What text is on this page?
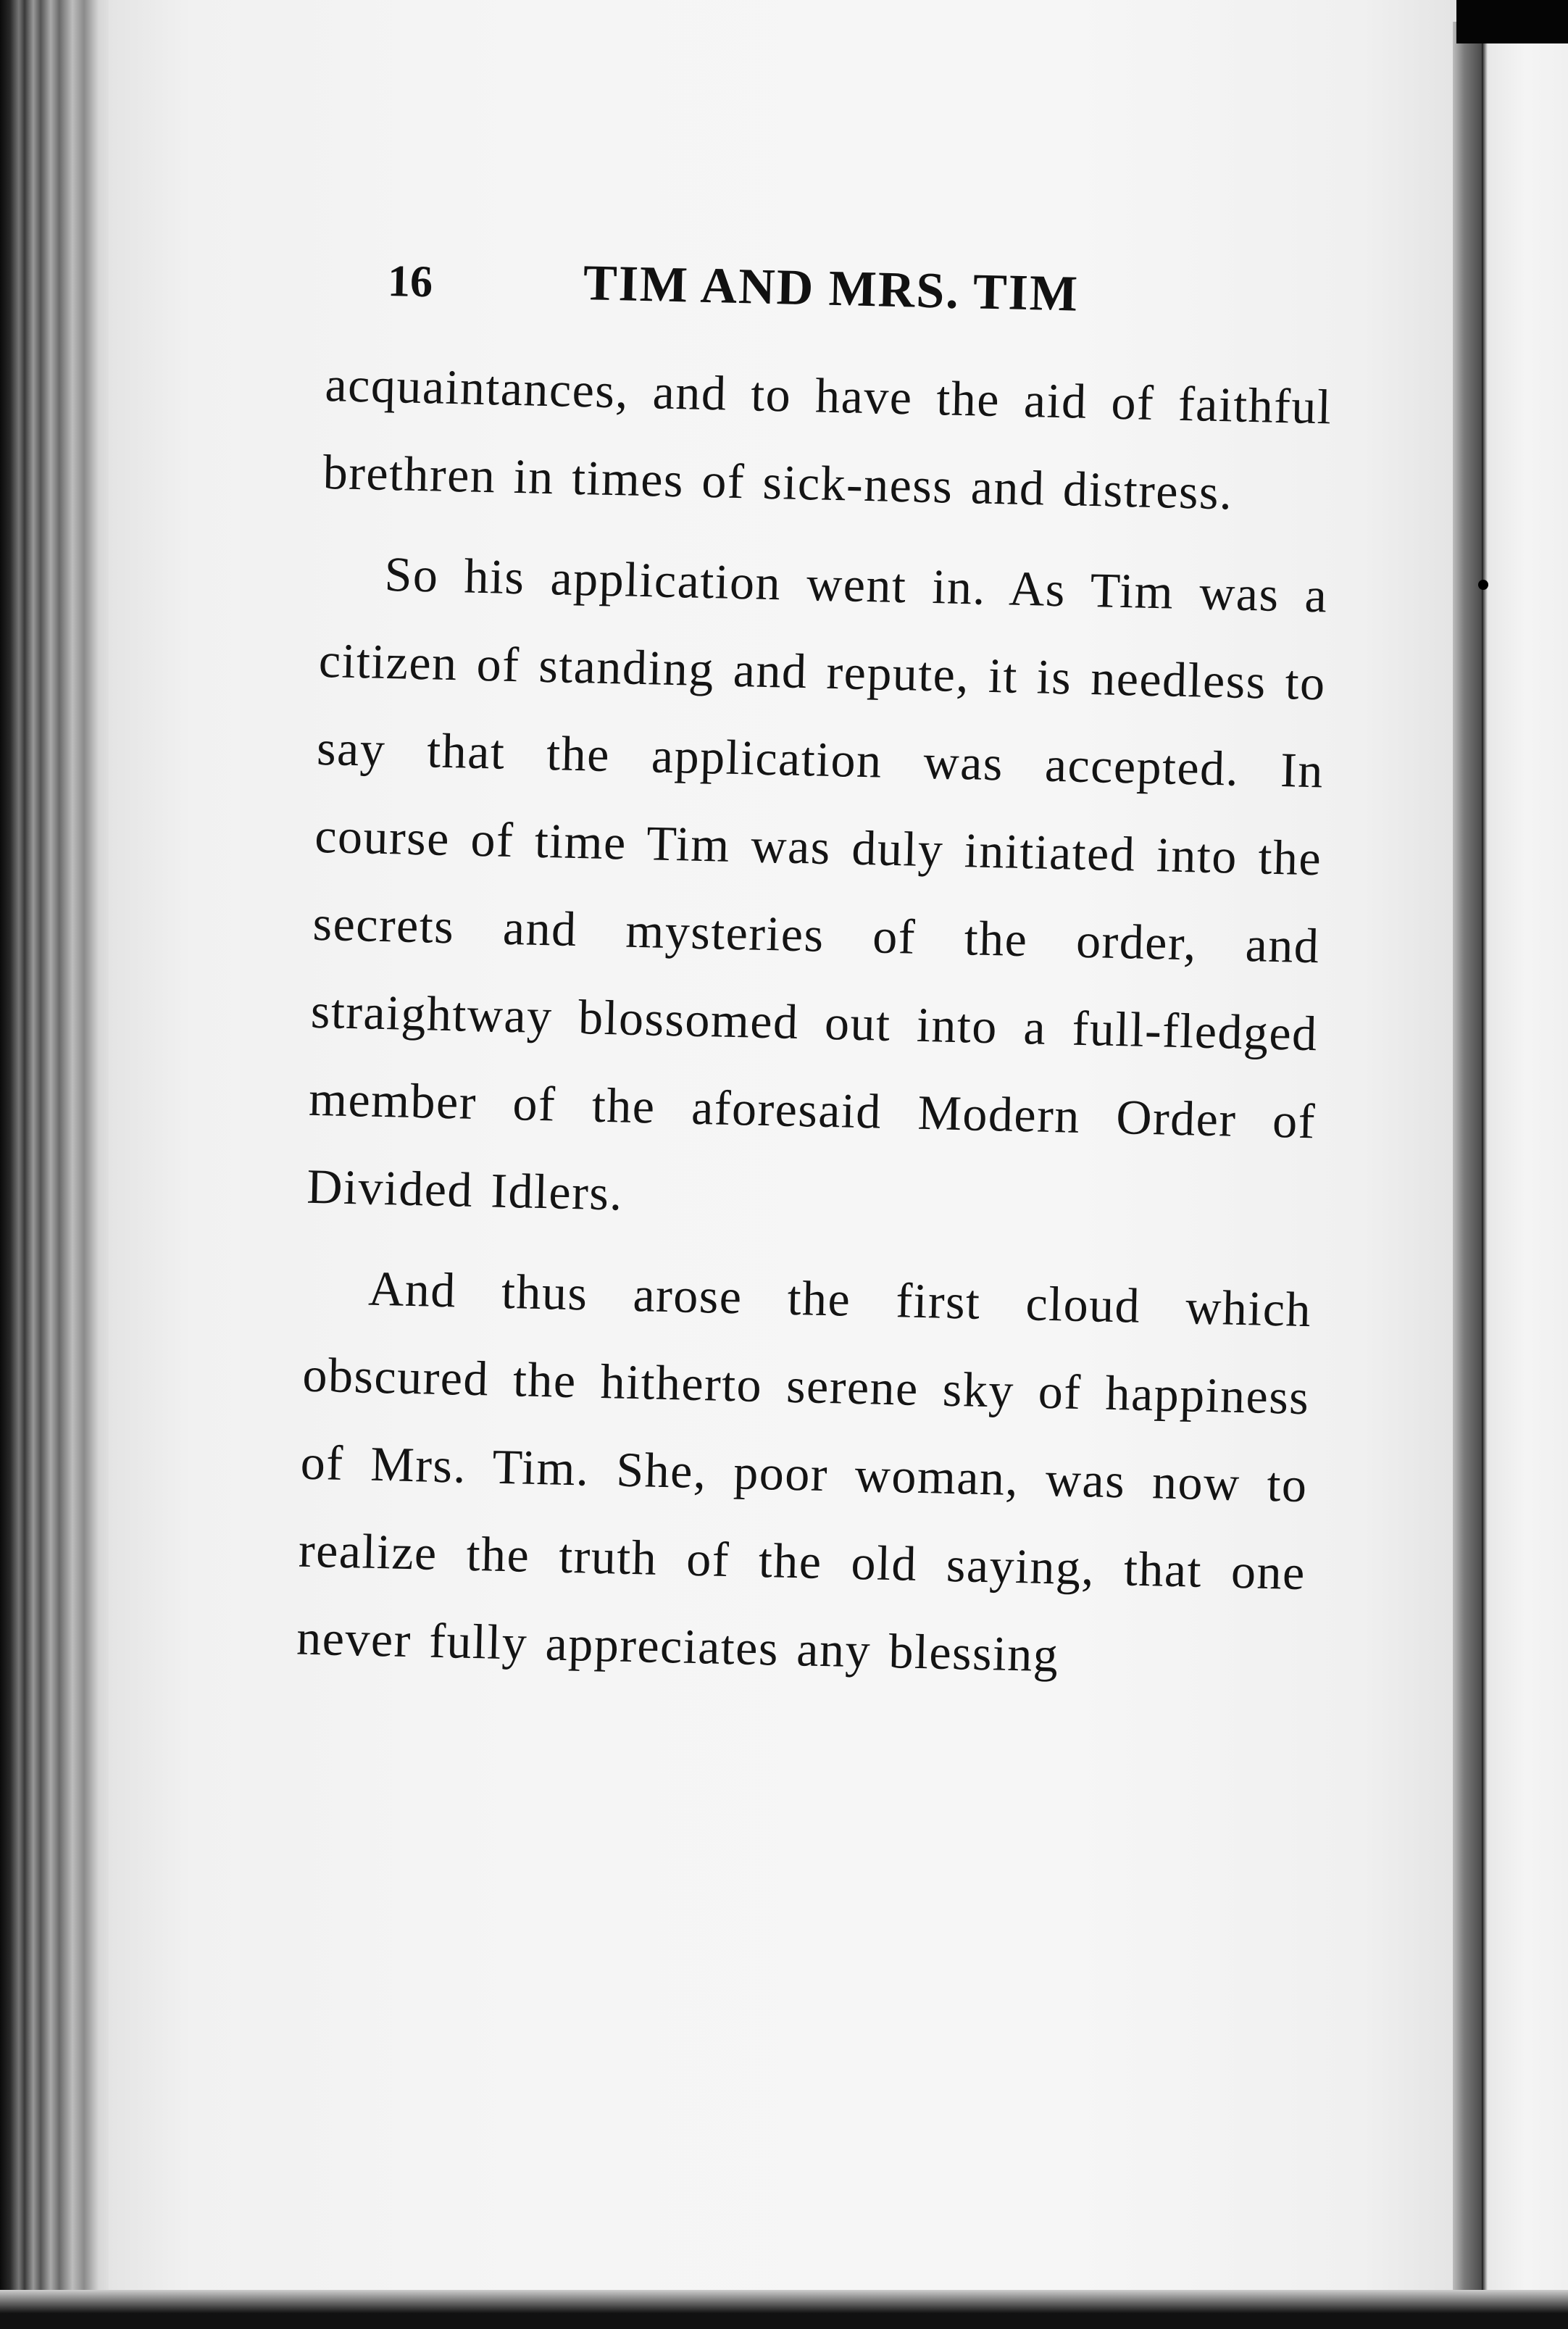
16	TIM AND MRS. TIM

acquaintances, and to have the aid of faithful brethren in times of sick-ness and distress.

So his application went in. As Tim was a citizen of standing and repute, it is needless to say that the application was accepted. In course of time Tim was duly initiated into the secrets and mysteries of the order, and straightway blossomed out into a full-fledged member of the aforesaid Modern Order of Divided Idlers.

And thus arose the first cloud which obscured the hitherto serene sky of happiness of Mrs. Tim. She, poor woman, was now to realize the truth of the old saying, that one never fully appreciates any blessing
